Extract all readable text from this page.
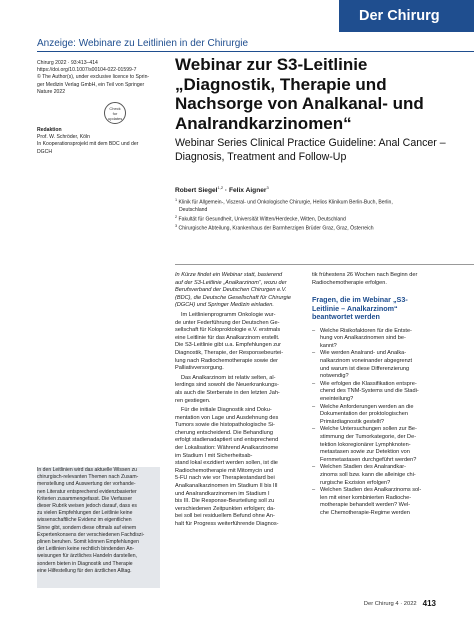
Der Chirurg
Anzeige: Webinare zu Leitlinien in der Chirurgie
Chirurg 2022 · 93:413–414
https://doi.org/10.1007/s00104-022-01599-7
© The Author(s), under exclusive licence to Sprin-
ger Medizin Verlag GmbH, ein Teil von Springer
Nature 2022
Check for updates
Redaktion
Prof. W. Schröder, Köln
In Kooperationsprojekt mit dem BDC und der
DGCH
Webinar zur S3-Leitlinie
„Diagnostik, Therapie und
Nachsorge von Analkanal- und
Analrandkarzinomen“
Webinar Series Clinical Practice Guideline: Anal Cancer –
Diagnosis, Treatment and Follow-Up
Robert Siegel$^{1,2}$ · Felix Aigner$^3$
$^1$ Klinik für Allgemein-, Viszeral- und Onkologische Chirurgie, Helios Klinikum Berlin-Buch, Berlin,
Deutschland
$^2$ Fakultät für Gesundheit, Universität Witten/Herdecke, Witten, Deutschland
$^3$ Chirurgische Abteilung, Krankenhaus der Barmherzigen Brüder Graz, Graz, Österreich
In Kürze findet ein Webinar statt, basierend
auf der S3-Leitlinie „Analkarzinom“, wozu der
Berufsverband der Deutschen Chirurgen e.V.
(BDC), die Deutsche Gesellschaft für Chirurgie
(DGCH) und Springer Medizin einladen.
Im Leitlinienprogramm Onkologie wur-
de unter Federführung der Deutschen Ge-
sellschaft für Koloproktologie e.V. erstmals
eine Leitlinie für das Analkarzinom erstellt.
Die S3-Leitlinie gibt u.a. Empfehlungen zur
Diagnostik, Therapie, der Responsebeurtei-
lung nach Radiochemotherapie sowie der
Palliativversorgung.
Das Analkarzinom ist relativ selten, al-
lerdings sind sowohl die Neuerkrankungs-
als auch die Sterberate in den letzten Jah-
ren gestiegen.
Für die initiale Diagnostik sind Doku-
mentation von Lage und Ausdehnung des
Tumors sowie die histopathologische Si-
cherung entscheidend. Die Behandlung
erfolgt stadienadaptiert und entsprechend
der Lokalisation: Während Analkarzinome
im Stadium I mit Sicherheitsab-
stand lokal exzidiert werden sollen, ist die
Radiochemotherapie mit Mitomycin und
5-FU nach wie vor Therapiestandard bei
Analkanalkarzinomen im Stadium II bis III
und Analrandkarzinomen im Stadium I
bis III. Die Response-Beurteilung soll zu
verschiedenen Zeitpunkten erfolgen; da-
bei soll bei residuellem Befund ohne An-
halt für Progress weiterführende Diagnos-
tik frühestens 26 Wochen nach Beginn der
Radiochemotherapie erfolgen.
Fragen, die im Webinar „S3-
Leitlinie – Analkarzinom“
beantwortet werden
– Welche Risikofaktoren für die Entste-
hung von Analkarzinomen sind be-
kannt?
– Wie werden Analrand- und Analka-
nalkarzinom voneinander abgegrenzt
und warum ist diese Differenzierung
notwendig?
– Wie erfolgen die Klassifikation entspre-
chend des TNM-Systems und die Stadi-
eneinteilung?
– Welche Anforderungen werden an die
Dokumentation der proktologischen
Primärdiagnostik gestellt?
– Welche Untersuchungen sollen zur Be-
stimmung der Tumorkategorie, der De-
tektion lokoregionärer Lymphknoten-
metastasen sowie zur Detektion von
Fernmetastasen durchgeführt werden?
– Welchen Stadien des Analrandkar-
zinoms soll bzw. kann die alleinige chi-
rurgische Exzision erfolgen?
– Welchen Stadien des Analkarzinoms sol-
len mit einer kombinierten Radioche-
motherapie behandelt werden? Wel-
che Chemotherapie-Regime werden
In den Leitlinien wird das aktuelle Wissen zu
chirurgisch-relevanten Themen nach Zusam-
menstellung und Auswertung der vorhande-
nen Literatur entsprechend evidenzbasierter
Kriterien zusammengefasst. Die Verfasser
dieser Rubrik weisen jedoch darauf, dass es
zu vielen Empfehlungen der Leitlinie keine
wissenschaftliche Evidenz im eigentlichen
Sinne gibt, sondern diese oftmals auf einem
Expertenkonsens der verschiedenen Fachdiszi-
plinen beruhen. Somit können Empfehlungen
der Leitlinien keine rechtlich bindenden An-
weisungen für ärztliches Handeln darstellen,
sondern bieten in Diagnostik und Therapie
eine Hilfestellung für den ärztlichen Alltag.
Der Chirurg 4 · 2022 413
